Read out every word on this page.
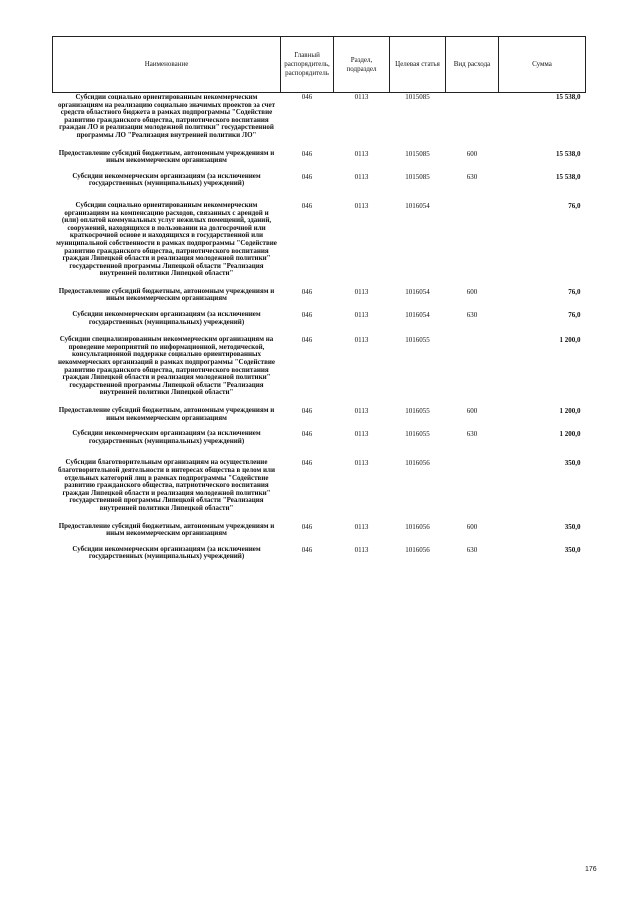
Наименование	Главный распорядитель, распорядитель	Раздел, подраздел	Целевая статья	Вид расхода	Сумма
Субсидии социально ориентированным некоммерческим организациям на реализацию социально значимых проектов за счет средств областного бюджета в рамках подпрограммы "Содействие развитию гражданского общества, патриотического воспитания граждан ЛО и реализации молодежной политики" государственной программы ЛО "Реализация внутренней политики ЛО"	046	0113	1015085		15 538,0
Предоставление субсидий бюджетным, автономным учреждениям и иным некоммерческим организациям	046	0113	1015085	600	15 538,0
Субсидии некоммерческим организациям (за исключением государственных (муниципальных) учреждений)	046	0113	1015085	630	15 538,0
Субсидии социально ориентированным некоммерческим организациям на компенсацию расходов, связанных с арендой и (или) оплатой коммунальных услуг нежилых помещений, зданий, сооружений, находящихся в пользовании на долгосрочной или краткосрочной основе и находящихся в государственной или муниципальной собственности в рамках подпрограммы "Содействие развитию гражданского общества, патриотического воспитания граждан Липецкой области и реализация молодежной политики" государственной программы Липецкой области "Реализация внутренней политики Липецкой области"	046	0113	1016054		76,0
Предоставление субсидий бюджетным, автономным учреждениям и иным некоммерческим организациям	046	0113	1016054	600	76,0
Субсидии некоммерческим организациям (за исключением государственных (муниципальных) учреждений)	046	0113	1016054	630	76,0
Субсидии специализированным некоммерческим организациям на проведение мероприятий по информационной, методической, консультационной поддержке социально ориентированных некоммерческих организаций в рамках подпрограммы "Содействие развитию гражданского общества, патриотического воспитания граждан Липецкой области и реализация молодежной политики" государственной программы Липецкой области "Реализация внутренней политики Липецкой области"	046	0113	1016055		1 200,0
Предоставление субсидий бюджетным, автономным учреждениям и иным некоммерческим организациям	046	0113	1016055	600	1 200,0
Субсидии некоммерческим организациям (за исключением государственных (муниципальных) учреждений)	046	0113	1016055	630	1 200,0
Субсидии благотворительным организациям на осуществление благотворительной деятельности в интересах общества в целом или отдельных категорий лиц в рамках подпрограммы "Содействие развитию гражданского общества, патриотического воспитания граждан Липецкой области и реализация молодежной политики" государственной программы Липецкой области "Реализация внутренней политики Липецкой области"	046	0113	1016056		350,0
Предоставление субсидий бюджетным, автономным учреждениям и иным некоммерческим организациям	046	0113	1016056	600	350,0
Субсидии некоммерческим организациям (за исключением государственных (муниципальных) учреждений)	046	0113	1016056	630	350,0
176
